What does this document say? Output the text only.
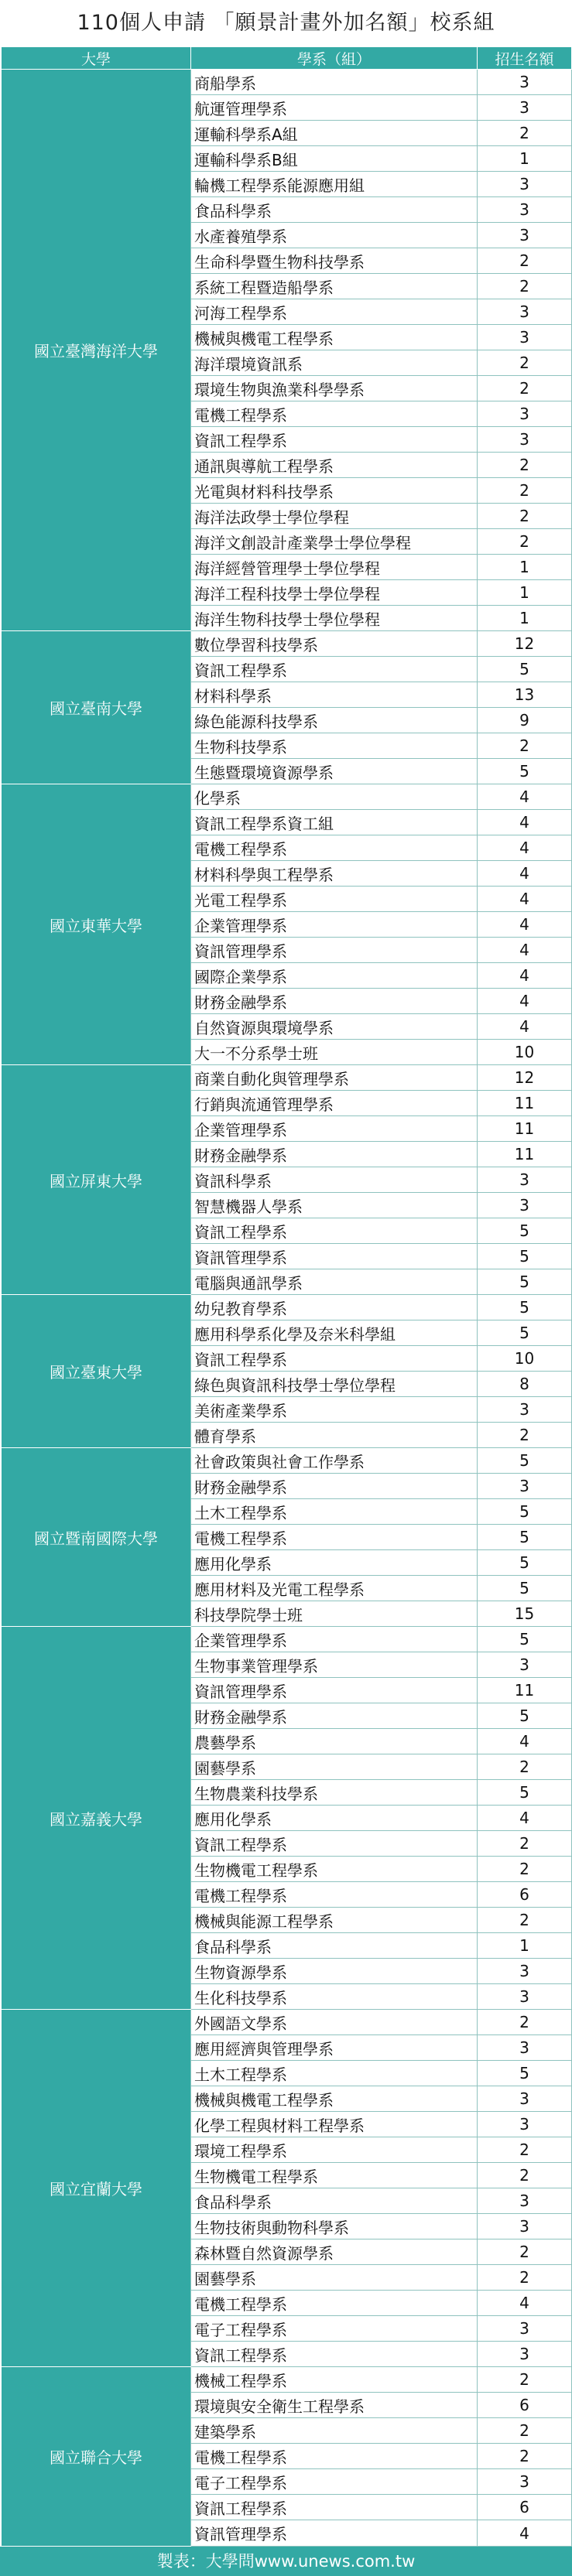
110個人申請 「願景計畫外加名額」校系組
大學	學系（組）	招生名額
國立臺灣海洋大學	商船學系	3
	航運管理學系	3
	運輸科學系A組	2
	運輸科學系B組	1
	輪機工程學系能源應用組	3
	食品科學系	3
	水產養殖學系	3
	生命科學暨生物科技學系	2
	系統工程暨造船學系	2
	河海工程學系	3
	機械與機電工程學系	3
	海洋環境資訊系	2
	環境生物與漁業科學學系	2
	電機工程學系	3
	資訊工程學系	3
	通訊與導航工程學系	2
	光電與材料科技學系	2
	海洋法政學士學位學程	2
	海洋文創設計產業學士學位學程	2
	海洋經營管理學士學位學程	1
	海洋工程科技學士學位學程	1
	海洋生物科技學士學位學程	1
國立臺南大學	數位學習科技學系	12
	資訊工程學系	5
	材料科學系	13
	綠色能源科技學系	9
	生物科技學系	2
	生態暨環境資源學系	5
國立東華大學	化學系	4
	資訊工程學系資工組	4
	電機工程學系	4
	材料科學與工程學系	4
	光電工程學系	4
	企業管理學系	4
	資訊管理學系	4
	國際企業學系	4
	財務金融學系	4
	自然資源與環境學系	4
	大一不分系學士班	10
國立屏東大學	商業自動化與管理學系	12
	行銷與流通管理學系	11
	企業管理學系	11
	財務金融學系	11
	資訊科學系	3
	智慧機器人學系	3
	資訊工程學系	5
	資訊管理學系	5
	電腦與通訊學系	5
國立臺東大學	幼兒教育學系	5
	應用科學系化學及奈米科學組	5
	資訊工程學系	10
	綠色與資訊科技學士學位學程	8
	美術產業學系	3
	體育學系	2
國立暨南國際大學	社會政策與社會工作學系	5
	財務金融學系	3
	土木工程學系	5
	電機工程學系	5
	應用化學系	5
	應用材料及光電工程學系	5
	科技學院學士班	15
國立嘉義大學	企業管理學系	5
	生物事業管理學系	3
	資訊管理學系	11
	財務金融學系	5
	農藝學系	4
	園藝學系	2
	生物農業科技學系	5
	應用化學系	4
	資訊工程學系	2
	生物機電工程學系	2
	電機工程學系	6
	機械與能源工程學系	2
	食品科學系	1
	生物資源學系	3
	生化科技學系	3
國立宜蘭大學	外國語文學系	2
	應用經濟與管理學系	3
	土木工程學系	5
	機械與機電工程學系	3
	化學工程與材料工程學系	3
	環境工程學系	2
	生物機電工程學系	2
	食品科學系	3
	生物技術與動物科學系	3
	森林暨自然資源學系	2
	園藝學系	2
	電機工程學系	4
	電子工程學系	3
	資訊工程學系	3
國立聯合大學	機械工程學系	2
	環境與安全衛生工程學系	6
	建築學系	2
	電機工程學系	2
	電子工程學系	3
	資訊工程學系	6
	資訊管理學系	4
製表：大學問www.unews.com.tw
